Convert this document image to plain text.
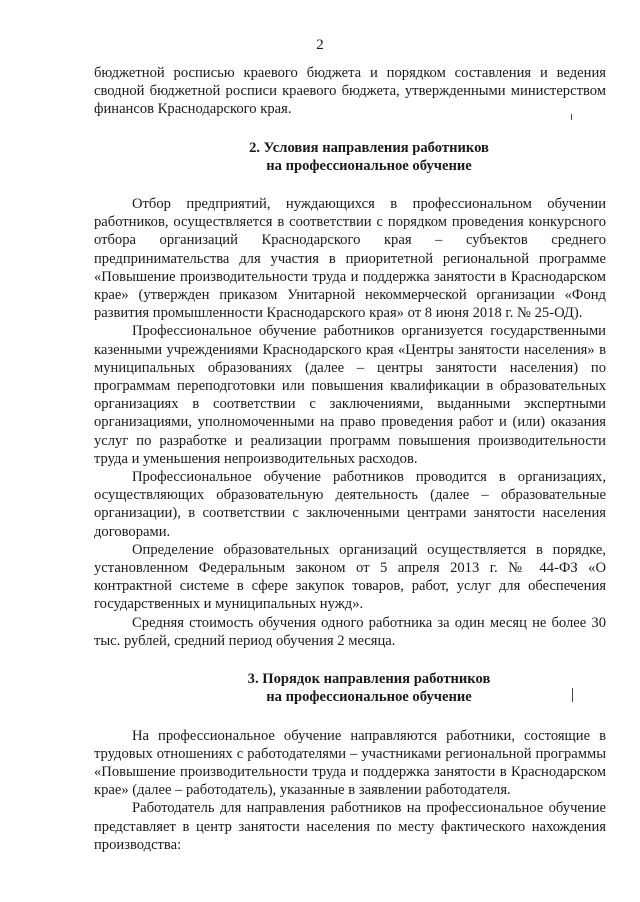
2

бюджетной росписью краевого бюджета и порядком составления и ведения сводной бюджетной росписи краевого бюджета, утвержденными министерством финансов Краснодарского края.

2. Условия направления работников
на профессиональное обучение

Отбор предприятий, нуждающихся в профессиональном обучении работников, осуществляется в соответствии с порядком проведения конкурсного отбора организаций Краснодарского края – субъектов среднего предпринимательства для участия в приоритетной региональной программе «Повышение производительности труда и поддержка занятости в Краснодарском крае» (утвержден приказом Унитарной некоммерческой организации «Фонд развития промышленности Краснодарского края» от 8 июня 2018 г. № 25-ОД).

Профессиональное обучение работников организуется государственными казенными учреждениями Краснодарского края «Центры занятости населения» в муниципальных образованиях (далее – центры занятости населения) по программам переподготовки или повышения квалификации в образовательных организациях в соответствии с заключениями, выданными экспертными организациями, уполномоченными на право проведения работ и (или) оказания услуг по разработке и реализации программ повышения производительности труда и уменьшения непроизводительных расходов.

Профессиональное обучение работников проводится в организациях, осуществляющих образовательную деятельность (далее – образовательные организации), в соответствии с заключенными центрами занятости населения договорами.

Определение образовательных организаций осуществляется в порядке, установленном Федеральным законом от 5 апреля 2013 г. № 44-ФЗ «О контрактной системе в сфере закупок товаров, работ, услуг для обеспечения государственных и муниципальных нужд».

Средняя стоимость обучения одного работника за один месяц не более 30 тыс. рублей, средний период обучения 2 месяца.

3. Порядок направления работников
на профессиональное обучение

На профессиональное обучение направляются работники, состоящие в трудовых отношениях с работодателями – участниками региональной программы «Повышение производительности труда и поддержка занятости в Краснодарском крае» (далее – работодатель), указанные в заявлении работодателя.

Работодатель для направления работников на профессиональное обучение представляет в центр занятости населения по месту фактического нахождения производства:
